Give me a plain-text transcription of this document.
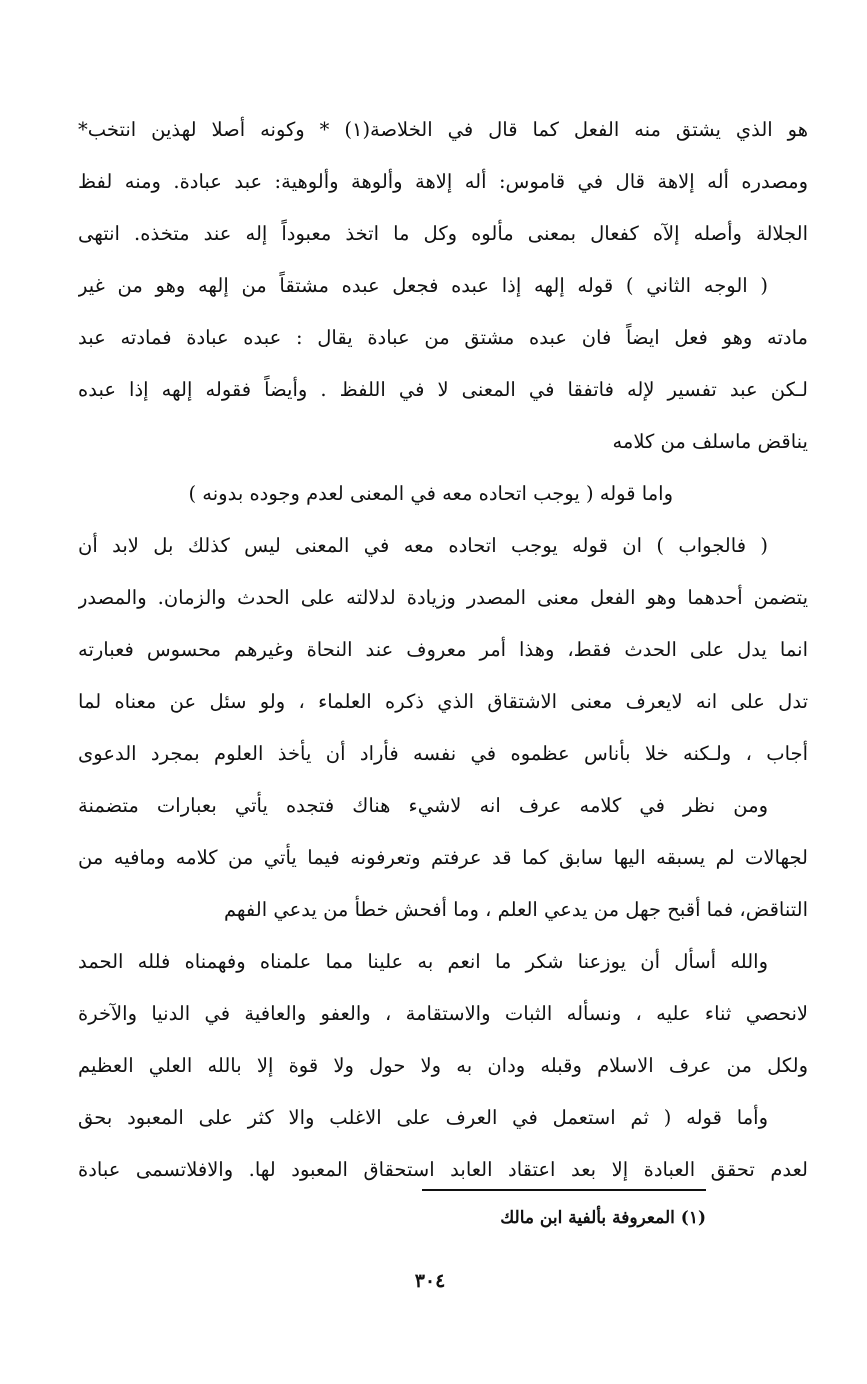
هو الذي يشتق منه الفعل كما قال في الخلاصة(١) * وكونه أصلا لهذين انتخب*
ومصدره أله إلاهة قال في قاموس: أله إلاهة وألوهة وألوهية: عبد عبادة. ومنه لفظ
الجلالة وأصله إلآه كفعال بمعنى مألوه وكل ما اتخذ معبوداً إله عند متخذه. انتهى
( الوجه الثاني ) قوله إلهه إذا عبده فجعل عبده مشتقاً من إلهه وهو من غير
مادته وهو فعل ايضاً فان عبده مشتق من عبادة يقال : عبده عبادة فمادته عبد
لـكن عبد تفسير لإله فاتفقا في المعنى لا في اللفظ . وأيضاً فقوله إلهه إذا عبده
يناقض ماسلف من كلامه
واما قوله ( يوجب اتحاده معه في المعنى لعدم وجوده بدونه )
( فالجواب ) ان قوله يوجب اتحاده معه في المعنى ليس كذلك بل لابد أن
يتضمن أحدهما وهو الفعل معنى المصدر وزيادة لدلالته على الحدث والزمان. والمصدر
انما يدل على الحدث فقط، وهذا أمر معروف عند النحاة وغيرهم محسوس فعبارته
تدل على انه لايعرف معنى الاشتقاق الذي ذكره العلماء ، ولو سئل عن معناه لما
أجاب ، ولـكنه خلا بأناس عظموه في نفسه فأراد أن يأخذ العلوم بمجرد الدعوى
ومن نظر في كلامه عرف انه لاشيء هناك فتجده يأتي بعبارات متضمنة
لجهالات لم يسبقه اليها سابق كما قد عرفتم وتعرفونه فيما يأتي من كلامه ومافيه من
التناقض، فما أقبح جهل من يدعي العلم ، وما أفحش خطأ من يدعي الفهم
والله أسأل أن يوزعنا شكر ما انعم به علينا مما علمناه وفهمناه فلله الحمد
لانحصي ثناء عليه ، ونسأله الثبات والاستقامة ، والعفو والعافية في الدنيا والآخرة
ولكل من عرف الاسلام وقبله ودان به ولا حول ولا قوة إلا بالله العلي العظيم
وأما قوله ( ثم استعمل في العرف على الاغلب والا كثر على المعبود بحق
لعدم تحقق العبادة إلا بعد اعتقاد العابد استحقاق المعبود لها. والافلاتسمى عبادة
(١) المعروفة بألفية ابن مالك
٣٠٤
